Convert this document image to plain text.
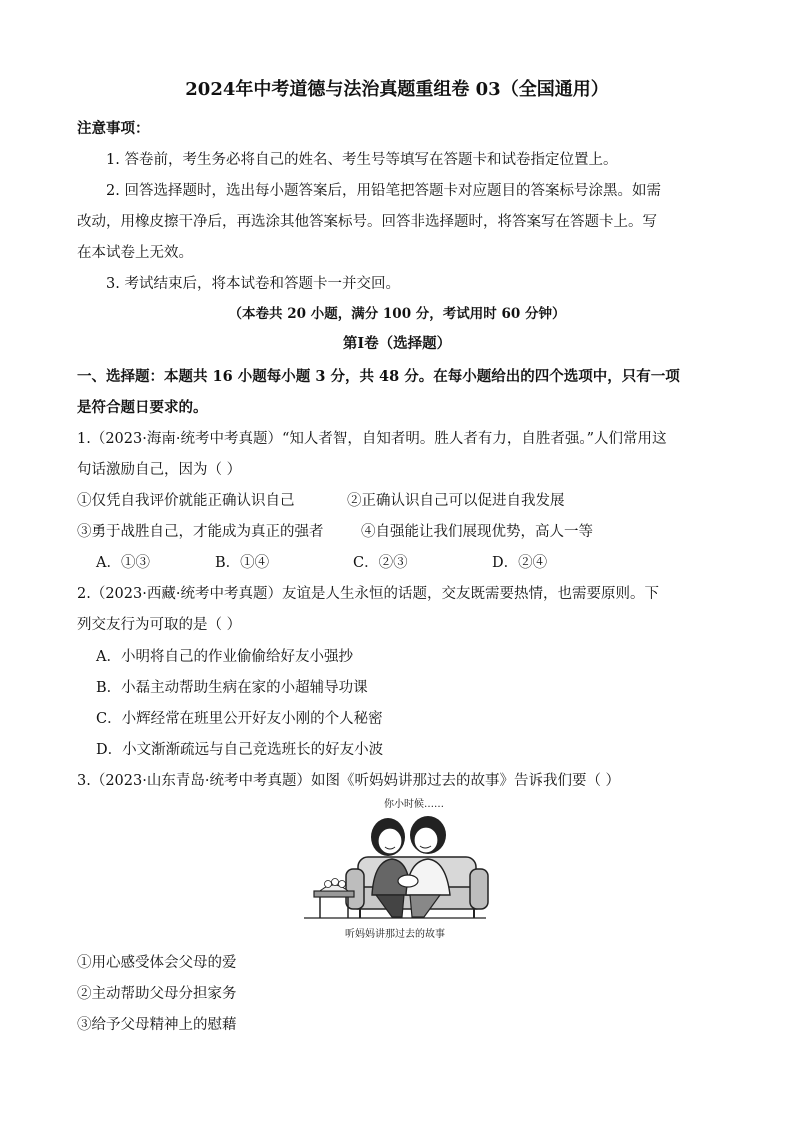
2024年中考道德与法治真题重组卷 03（全国通用）
注意事项：
1. 答卷前，考生务必将自己的姓名、考生号等填写在答题卡和试卷指定位置上。
2. 回答选择题时，选出每小题答案后，用铅笔把答题卡对应题目的答案标号涂黑。如需
改动，用橡皮擦干净后，再选涂其他答案标号。回答非选择题时，将答案写在答题卡上。写
在本试卷上无效。
3. 考试结束后，将本试卷和答题卡一并交回。
（本卷共 20 小题，满分 100 分，考试用时 60 分钟）
第Ⅰ卷（选择题）
一、选择题：本题共 16 小题每小题 3 分，共 48 分。在每小题给出的四个选项中，只有一项
是符合题日要求的。
1.（2023·海南·统考中考真题）“知人者智，自知者明。胜人者有力，自胜者强。”人们常用这
句话激励自己，因为（ ）
①仅凭自我评价就能正确认识自己	②正确认识自己可以促进自我发展
③勇于战胜自己，才能成为真正的强者	④自强能让我们展现优势，高人一等
A．①③	B．①④	C．②③	D．②④
2.（2023·西藏·统考中考真题）友谊是人生永恒的话题，交友既需要热情，也需要原则。下
列交友行为可取的是（ ）
A．小明将自己的作业偷偷给好友小强抄
B．小磊主动帮助生病在家的小超辅导功课
C．小辉经常在班里公开好友小刚的个人秘密
D．小文渐渐疏远与自己竞选班长的好友小波
3.（2023·山东青岛·统考中考真题）如图《听妈妈讲那过去的故事》告诉我们要（ ）
你小时候……
听妈妈讲那过去的故事
①用心感受体会父母的爱
②主动帮助父母分担家务
③给予父母精神上的慰藉
